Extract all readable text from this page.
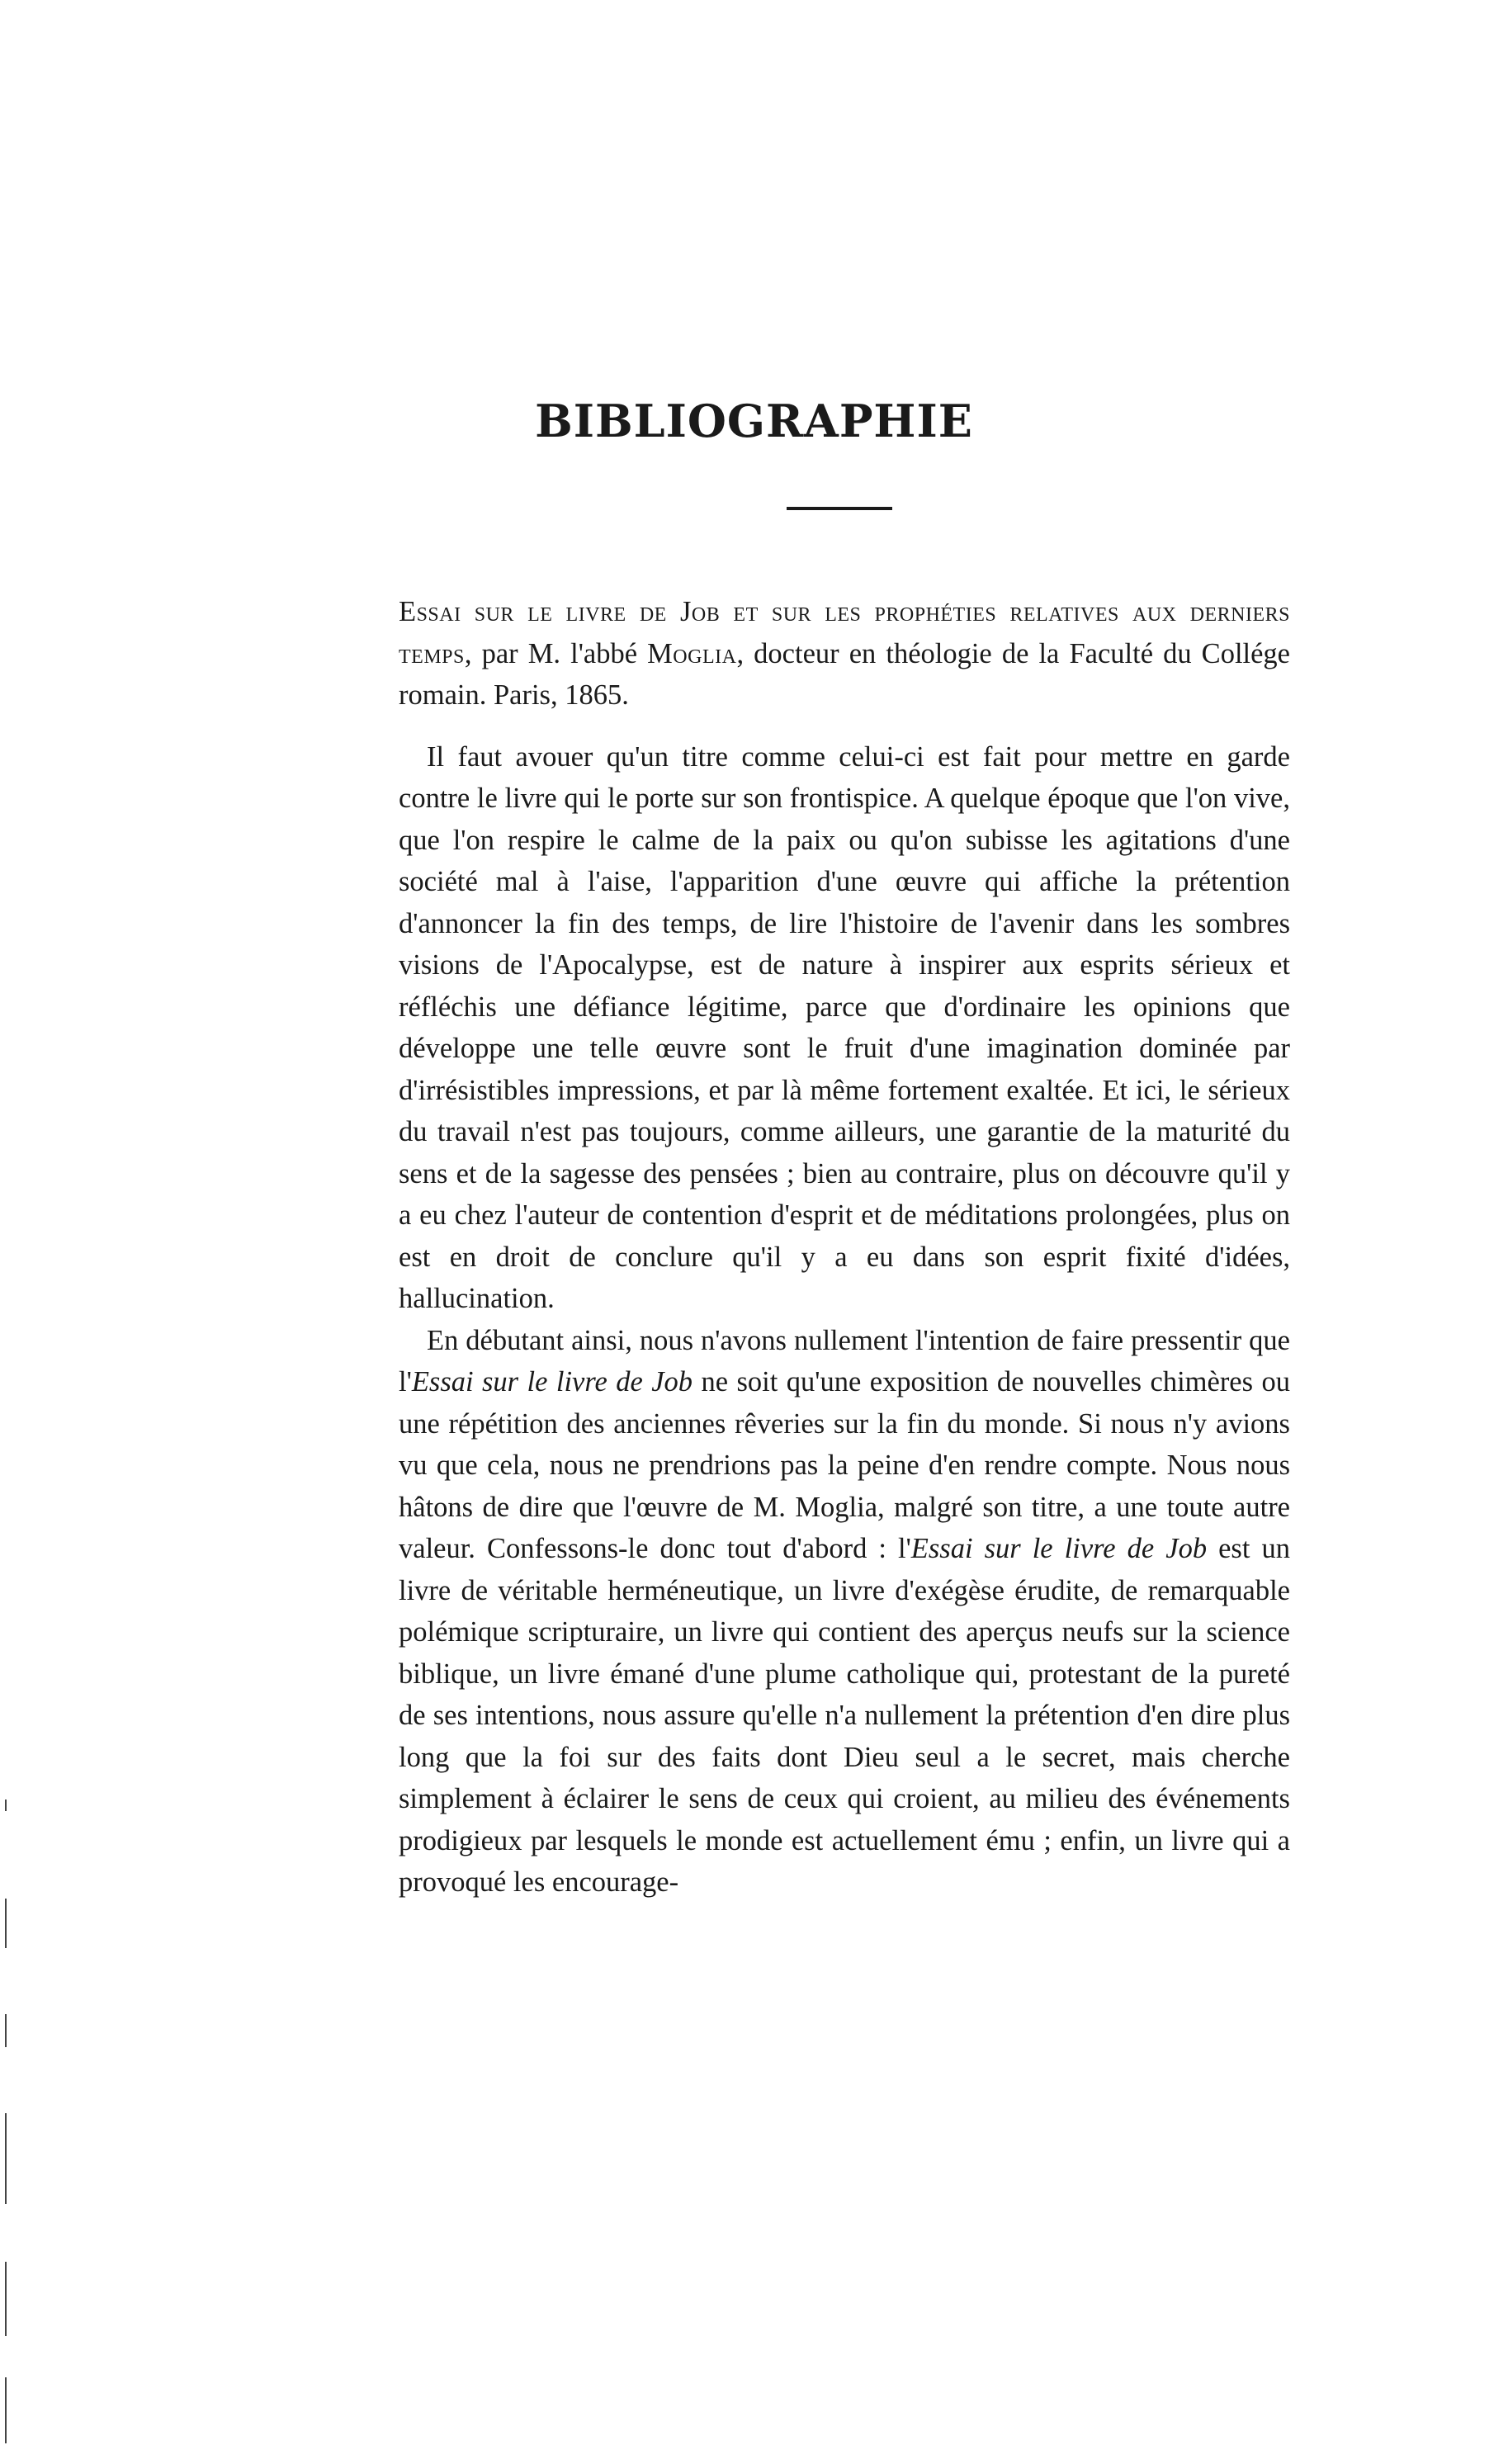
BIBLIOGRAPHIE

Essai sur le livre de Job et sur les prophéties relatives aux derniers temps, par M. l'abbé Moglia, docteur en théologie de la Faculté du Collége romain. Paris, 1865.

Il faut avouer qu'un titre comme celui-ci est fait pour mettre en garde contre le livre qui le porte sur son frontispice. A quelque époque que l'on vive, que l'on respire le calme de la paix ou qu'on subisse les agitations d'une société mal à l'aise, l'apparition d'une œuvre qui affiche la prétention d'annoncer la fin des temps, de lire l'histoire de l'avenir dans les sombres visions de l'Apocalypse, est de nature à inspirer aux esprits sérieux et réfléchis une défiance légitime, parce que d'ordinaire les opinions que développe une telle œuvre sont le fruit d'une imagination dominée par d'irrésistibles impressions, et par là même fortement exaltée. Et ici, le sérieux du travail n'est pas toujours, comme ailleurs, une garantie de la maturité du sens et de la sagesse des pensées ; bien au contraire, plus on découvre qu'il y a eu chez l'auteur de contention d'esprit et de méditations prolongées, plus on est en droit de conclure qu'il y a eu dans son esprit fixité d'idées, hallucination.

En débutant ainsi, nous n'avons nullement l'intention de faire pressentir que l'Essai sur le livre de Job ne soit qu'une exposition de nouvelles chimères ou une répétition des anciennes rêveries sur la fin du monde. Si nous n'y avions vu que cela, nous ne prendrions pas la peine d'en rendre compte. Nous nous hâtons de dire que l'œuvre de M. Moglia, malgré son titre, a une toute autre valeur. Confessons-le donc tout d'abord : l'Essai sur le livre de Job est un livre de véritable herméneutique, un livre d'exégèse érudite, de remarquable polémique scripturaire, un livre qui contient des aperçus neufs sur la science biblique, un livre émané d'une plume catholique qui, protestant de la pureté de ses intentions, nous assure qu'elle n'a nullement la prétention d'en dire plus long que la foi sur des faits dont Dieu seul a le secret, mais cherche simplement à éclairer le sens de ceux qui croient, au milieu des événements prodigieux par lesquels le monde est actuellement ému ; enfin, un livre qui a provoqué les encourage-
